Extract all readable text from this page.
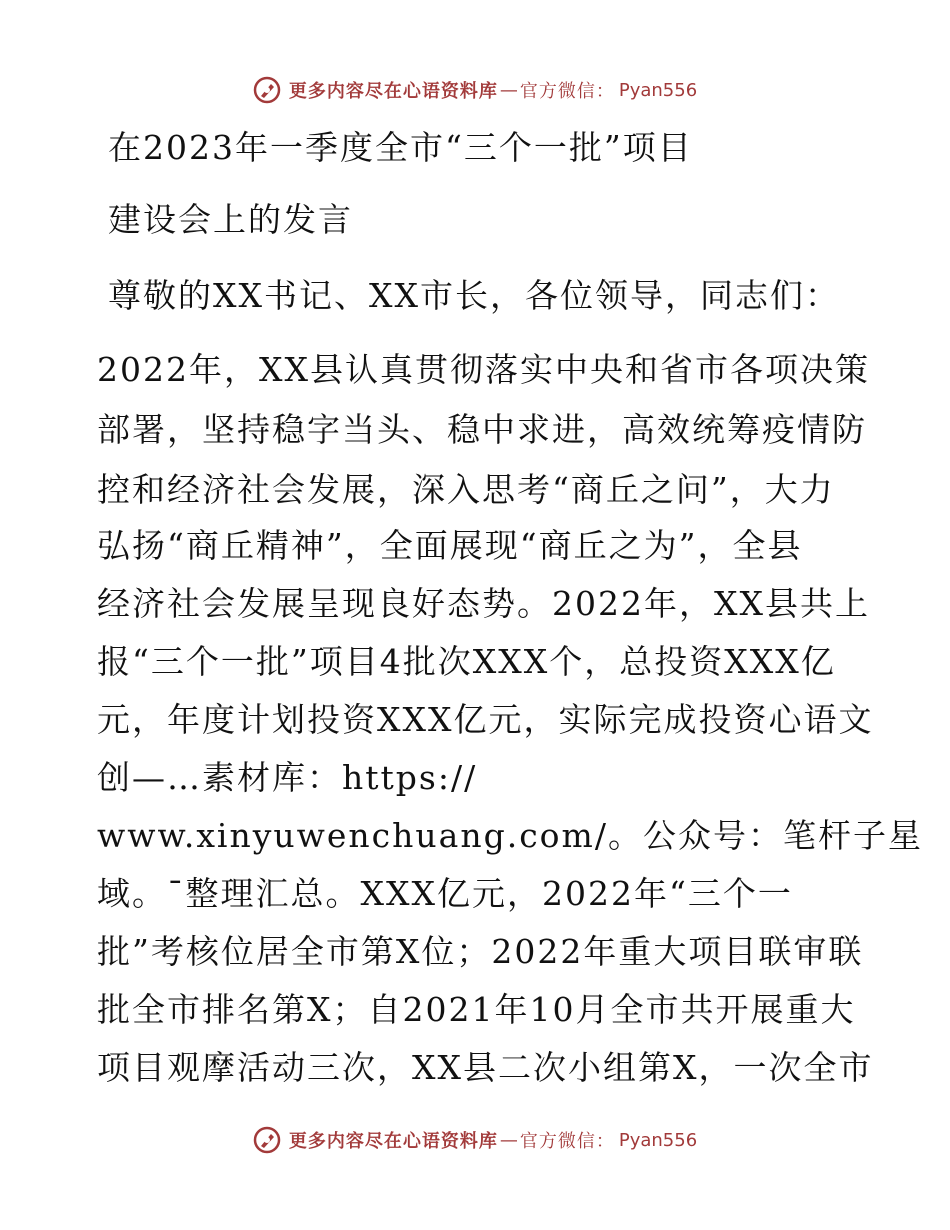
更多内容尽在心语资料库 — 官方微信： Pyan556
在2023年一季度全市“三个一批”项目
建设会上的发言
尊敬的XX书记、XX市长，各位领导，同志们：
2022年，XX县认真贯彻落实中央和省市各项决策
部署，坚持稳字当头、稳中求进，高效统筹疫情防
控和经济社会发展，深入思考“商丘之问”，大力
弘扬“商丘精神”，全面展现“商丘之为”，全县
经济社会发展呈现良好态势。2022年，XX县共上
报“三个一批”项目4批次XXX个，总投资XXX亿
元，年度计划投资XXX亿元，实际完成投资心语文
创—…素材库：https://
www.xinyuwenchuang.com/。公众号：笔杆子星
域。¯整理汇总。XXX亿元，2022年“三个一
批”考核位居全市第X位；2022年重大项目联审联
批全市排名第X；自2021年10月全市共开展重大
项目观摩活动三次，XX县二次小组第X，一次全市
更多内容尽在心语资料库 — 官方微信： Pyan556
